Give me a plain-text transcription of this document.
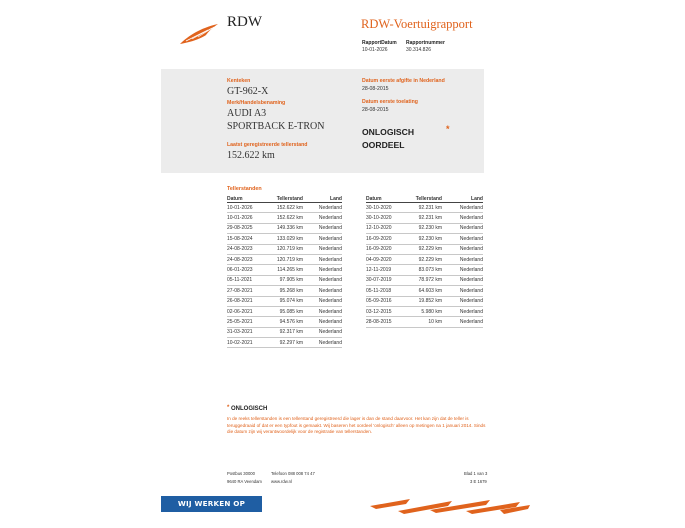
RDW	RDW-Voertuigrapport
RapportDatum
10-01-2026
Rapportnummer
30.314.826
Kenteken
GT-962-X
Merk/Handelsbenaming
AUDI A3
SPORTBACK E-TRON
Laatst geregistreerde tellerstand
152.622 km
Datum eerste afgifte in Nederland
28-08-2015
Datum eerste toelating
28-08-2015
ONLOGISCH
OORDEEL
*
Tellerstanden
Datum	Tellerstand	Land
10-01-2026	152.622 km	Nederland
10-01-2026	152.622 km	Nederland
29-08-2025	149.336 km	Nederland
15-08-2024	133.029 km	Nederland
24-08-2023	120.719 km	Nederland
24-08-2023	120.719 km	Nederland
06-01-2023	114.265 km	Nederland
05-11-2021	97.905 km	Nederland
27-08-2021	95.268 km	Nederland
26-08-2021	95.074 km	Nederland
02-06-2021	95.085 km	Nederland
25-05-2021	94.576 km	Nederland
31-03-2021	92.317 km	Nederland
10-02-2021	92.297 km	Nederland
Datum	Tellerstand	Land
30-10-2020	92.231 km	Nederland
30-10-2020	92.231 km	Nederland
12-10-2020	92.230 km	Nederland
16-09-2020	92.230 km	Nederland
16-09-2020	92.229 km	Nederland
04-09-2020	92.229 km	Nederland
12-11-2019	83.073 km	Nederland
30-07-2019	78.972 km	Nederland
05-11-2018	64.603 km	Nederland
05-09-2016	19.852 km	Nederland
03-12-2015	5.980 km	Nederland
28-08-2015	10 km	Nederland
* ONLOGISCH
In de reeks tellerstanden is een tellerstand geregistreerd die lager is dan de stand daarvoor. Het kan zijn dat de teller is teruggedraaid of dat er een typfout is gemaakt. Wij baseren het oordeel 'onlogisch' alleen op metingen na 1 januari 2014. Sinds die datum zijn wij verantwoordelijk voor de registratie van tellerstanden.
Postbus 30000
9640 RA Veendam
Telefoon 088 008 74 47
www.rdw.nl
Blad 1 van 3
3 E 1679
WIJ WERKEN OP AFSPRAAK
